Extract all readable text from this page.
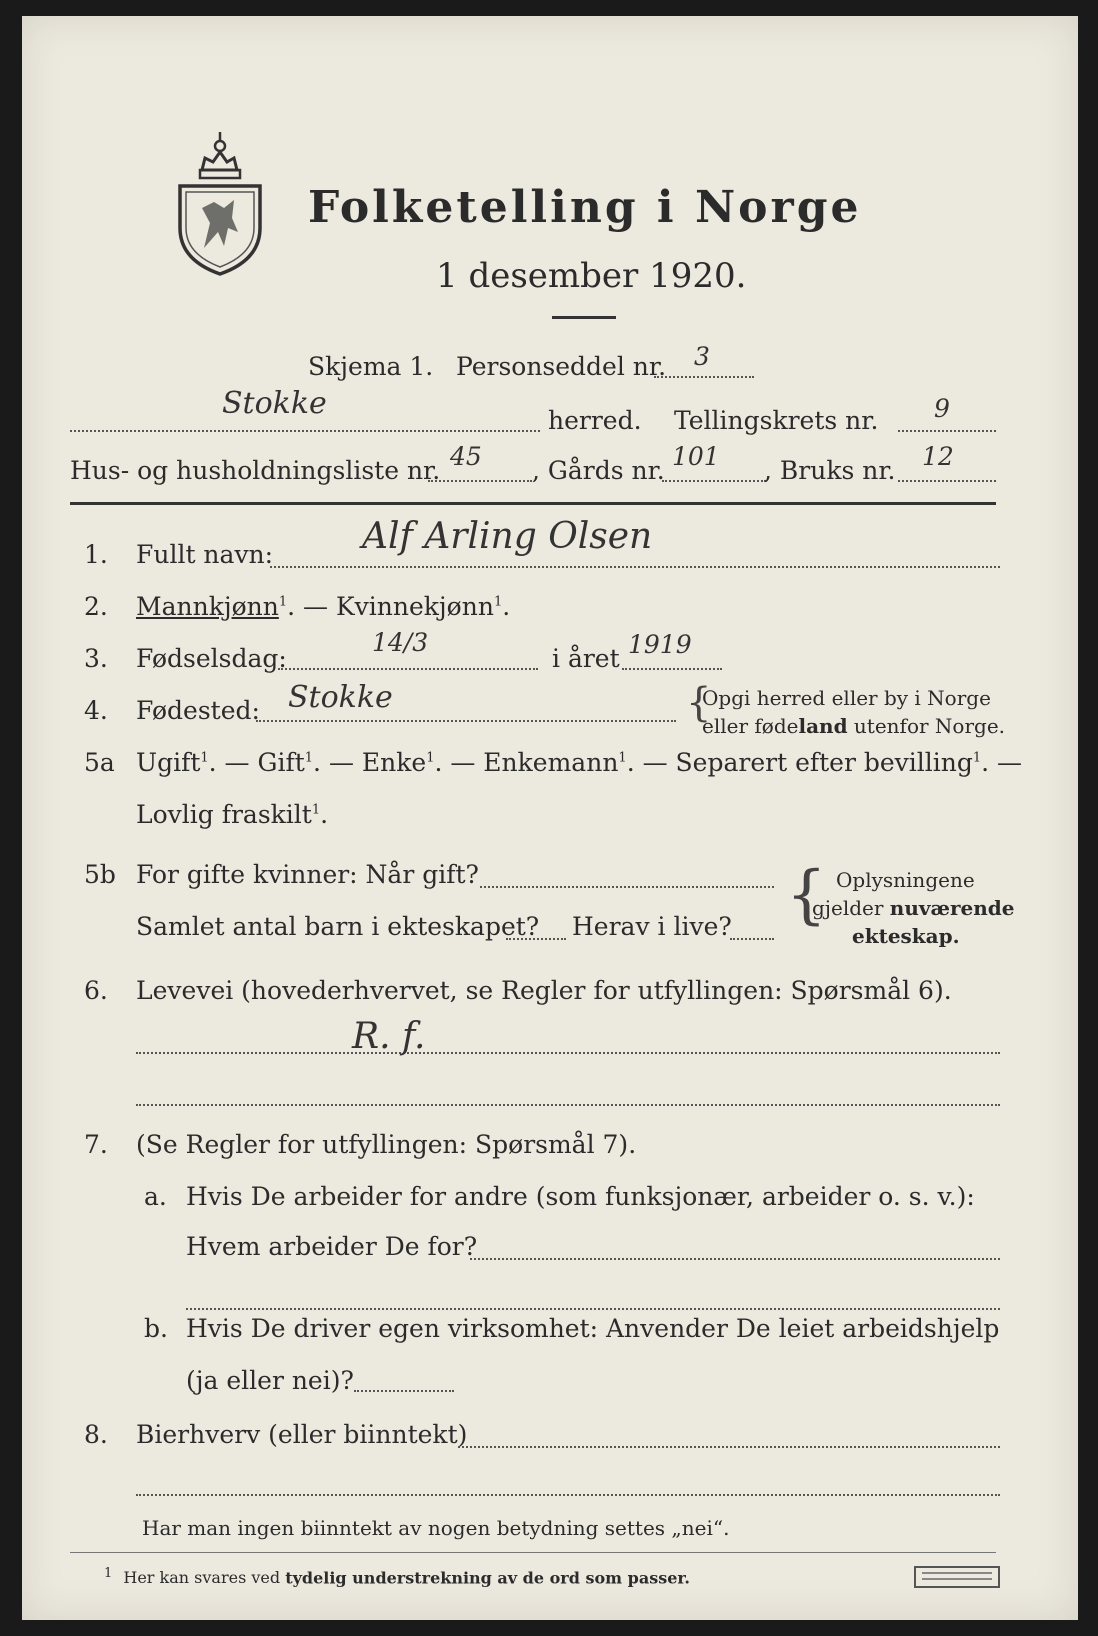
Folketelling i Norge
1 desember 1920.
Skjema 1. Personseddel nr. 3
Stokke	herred. Tellingskrets nr. 9
Hus- og husholdningsliste nr. 45 , Gårds nr. 101 , Bruks nr. 12
1. Fullt navn: Alf Arling Olsen
2. Mannkjønn$^1$. — Kvinnekjønn$^1$.
3. Fødselsdag:
14/3
i året 1919
4. Fødested: Stokke	{
Opgi herred eller by i Norge
eller fødeland utenfor Norge.
5a Ugift$^1$. — Gift$^1$. — Enke$^1$. — Enkemann$^1$. — Separert efter bevilling$^1$. —
Lovlig fraskilt$^1$.
5b For gifte kvinner: Når gift?
Samlet antal barn i ekteskapet? Herav i live? { Oplysningene
gjelder nuværende
ekteskap.
6. Levevei (hovederhvervet, se Regler for utfyllingen: Spørsmål 6).
R. f.
7. (Se Regler for utfyllingen: Spørsmål 7).
a. Hvis De arbeider for andre (som funksjonær, arbeider o. s. v.):
Hvem arbeider De for?
b. Hvis De driver egen virksomhet: Anvender De leiet arbeidshjelp
(ja eller nei)?
8. Bierhverv (eller biinntekt)
Har man ingen biinntekt av nogen betydning settes „nei“.
$^1$ Her kan svares ved tydelig understrekning av de ord som passer.
